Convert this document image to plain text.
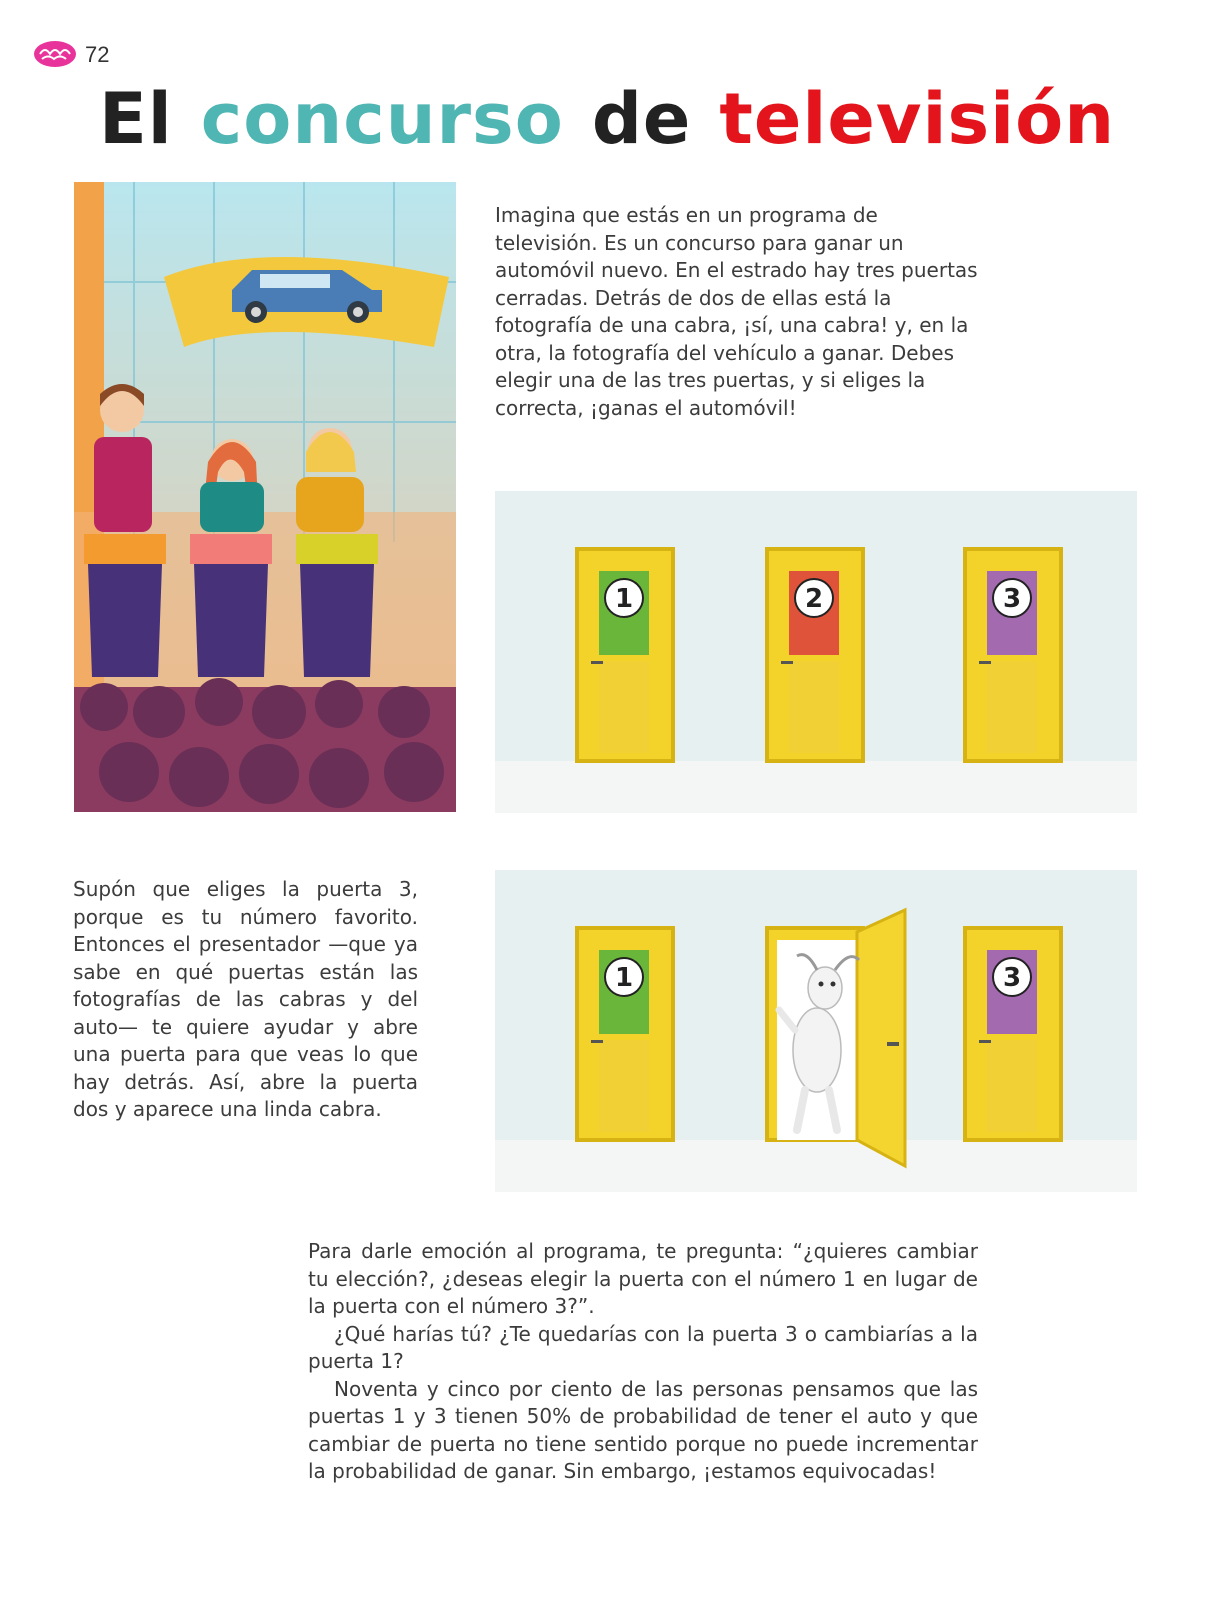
72
El concurso de televisión
Imagina que estás en un programa de televisión. Es un concurso para ganar un automóvil nuevo. En el estrado hay tres puertas cerradas. Detrás de dos de ellas está la fotografía de una cabra, ¡sí, una cabra! y, en la otra, la fotografía del vehículo a ganar. Debes elegir una de las tres puertas, y si eliges la correcta, ¡ganas el automóvil!
1	2	3
Supón que eliges la puerta 3, porque es tu número favorito. Entonces el presentador —que ya sabe en qué puertas están las fotografías de las cabras y del auto— te quiere ayudar y abre una puerta para que veas lo que hay detrás. Así, abre la puerta dos y aparece una linda cabra.
1	3

Para darle emoción al programa, te pregunta: “¿quieres cambiar tu elección?, ¿deseas elegir la puerta con el número 1 en lugar de la puerta con el número 3?”.

¿Qué harías tú? ¿Te quedarías con la puerta 3 o cambiarías a la puerta 1?

Noventa y cinco por ciento de las personas pensamos que las puertas 1 y 3 tienen 50% de probabilidad de tener el auto y que cambiar de puerta no tiene sentido porque no puede incrementar la probabilidad de ganar. Sin embargo, ¡estamos equivocadas!
